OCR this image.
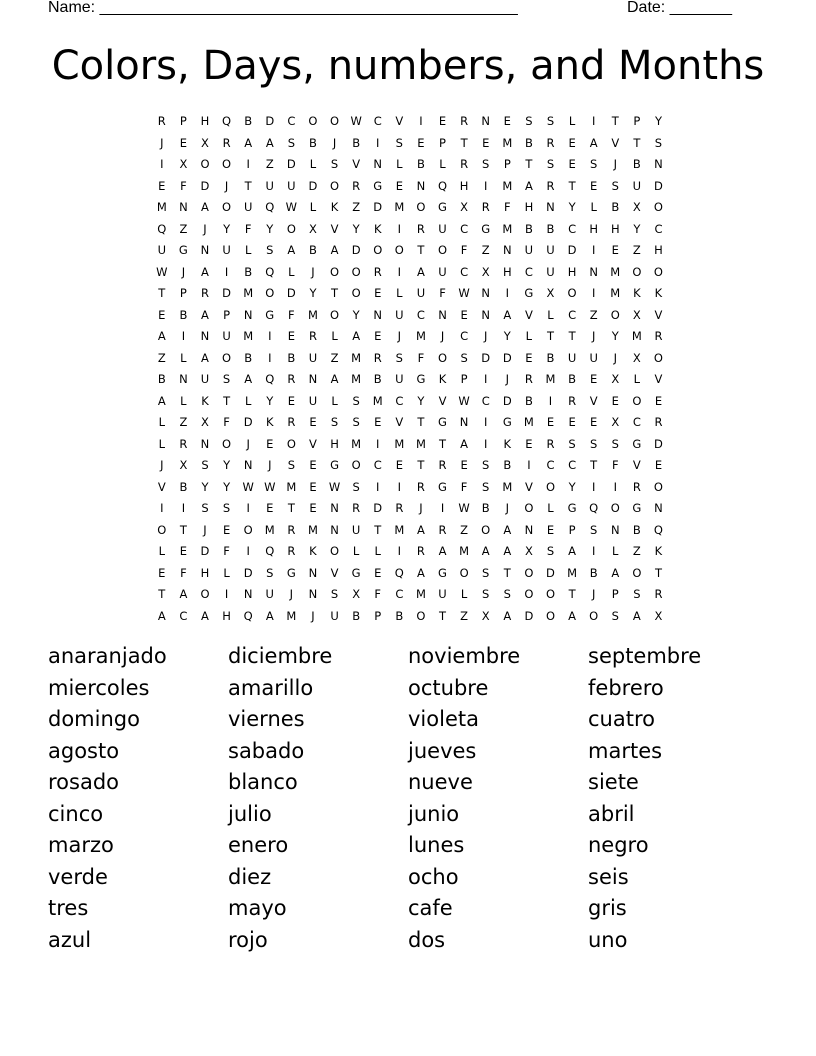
Name: _______________________________________________	Date: _______
Colors, Days, numbers, and Months
R	P	H	Q	B	D	C	O	O W	C	V	I	E	R	N	E	S	S	L	I	T	P	Y
J	E	X	R	A	A	S	B	J	B	I	S	E	P	T	E	M	B	R	E	A	V	T	S
I	X	O	O	I	Z	D	L	S	V	N	L	B	L	R	S	P	T	S	E	S	J	B	N
E	F	D	J	T	U	U	D	O	R	G	E	N	Q	H	I	M	A	R	T	E	S	U	D
M	N	A	O	U	Q W	L	K	Z	D	M	O	G	X	R	F	H	N	Y	L	B	X	O
Q	Z	J	Y	F	Y	O	X	V	Y	K	I	R	U	C	G	M	B	B	C	H	H	Y	C
U	G	N	U	L	S	A	B	A	D	O	O	T	O	F	Z	N	U	U	D	I	E	Z	H
W	J	A	I	B	Q	L	J	O	O	R	I	A	U	C	X	H	C	U	H	N	M	O	O
T	P	R	D	M	O	D	Y	T	O	E	L	U	F	W	N	I	G	X	O	I	M	K	K
E	B	A	P	N	G	F	M	O	Y	N	U	C	N	E	N	A	V	L	C	Z	O	X	V
A	I	N	U	M	I	E	R	L	A	E	J	M	J	C	J	Y	L	T	T	J	Y	M	R
Z	L	A	O	B	I	B	U	Z	M	R	S	F	O	S	D	D	E	B	U	U	J	X	O
B	N	U	S	A	Q	R	N	A	M	B	U	G	K	P	I	J	R	M	B	E	X	L	V
A	L	K	T	L	Y	E	U	L	S	M	C	Y	V	W	C	D	B	I	R	V	E	O	E
L	Z	X	F	D	K	R	E	S	S	E	V	T	G	N	I	G	M	E	E	E	X	C	R
L	R	N	O	J	E	O	V	H	M	I	M	M	T	A	I	K	E	R	S	S	S	G	D
J	X	S	Y	N	J	S	E	G	O	C	E	T	R	E	S	B	I	C	C	T	F	V	E
V	B	Y	Y	W W M	E	W	S	I	I	R	G	F	S	M	V	O	Y	I	I	R	O
I	I	S	S	I	E	T	E	N	R	D	R	J	I	W	B	J	O	L	G	Q	O	G	N
O	T	J	E	O	M	R	M	N	U	T	M	A	R	Z	O	A	N	E	P	S	N	B	Q
L	E	D	F	I	Q	R	K	O	L	L	I	R	A	M	A	A	X	S	A	I	L	Z	K
E	F	H	L	D	S	G	N	V	G	E	Q	A	G	O	S	T	O	D	M	B	A	O	T
T	A	O	I	N	U	J	N	S	X	F	C	M	U	L	S	S	O	O	T	J	P	S	R
A	C	A	H	Q	A	M	J	U	B	P	B	O	T	Z	X	A	D	O	A	O	S	A	X
anaranjado	diciembre	noviembre	septembre
miercoles	amarillo	octubre	febrero
domingo	viernes	violeta	cuatro
agosto	sabado	jueves	martes
rosado	blanco	nueve	siete
cinco	julio	junio	abril
marzo	enero	lunes	negro
verde	diez	ocho	seis
tres	mayo	cafe	gris
azul	rojo	dos	uno
